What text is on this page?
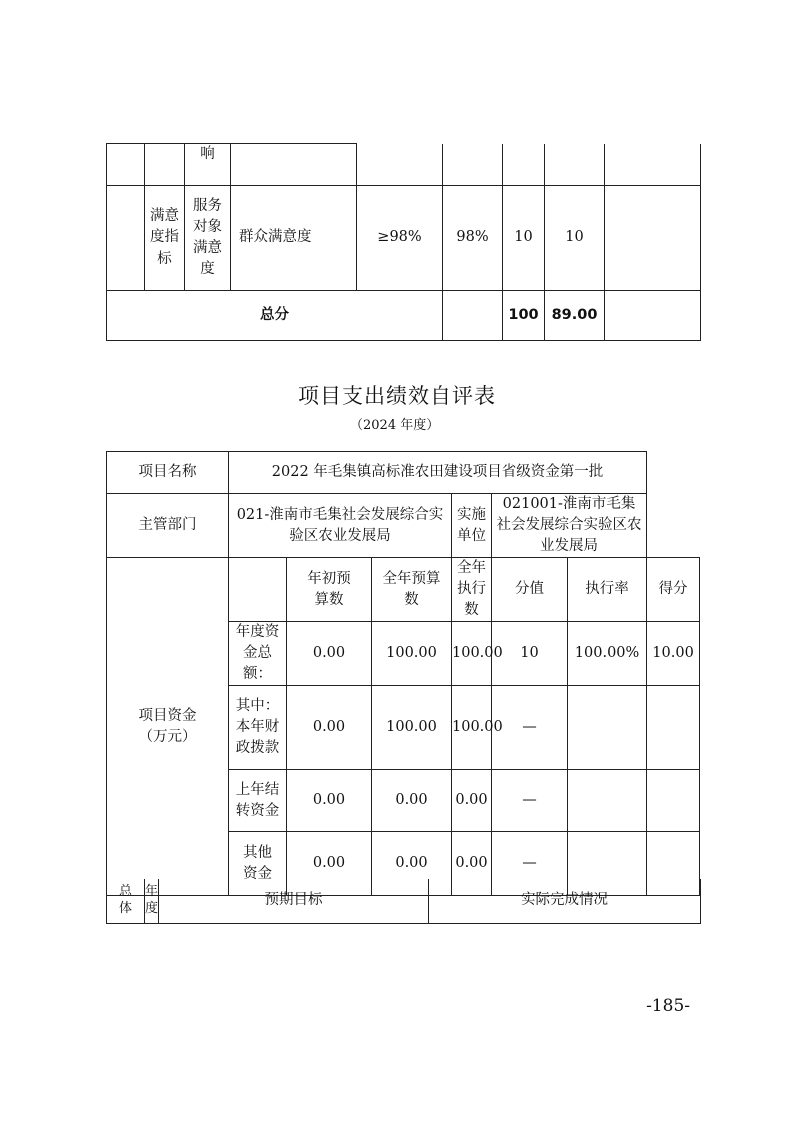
		响						
	满意度指标	服务对象满意度	群众满意度	≥98%	98%	10	10	
总分						100	89.00	
项目支出绩效自评表
（2024 年度）
项目名称	2022 年毛集镇高标准农田建设项目省级资金第一批						
主管部门	021-淮南市毛集社会发展综合实验区农业发展局			实施单位	021001-淮南市毛集社会发展综合实验区农业发展局		
项目资金（万元）		年初预算数	全年预算数	全年执行数	分值	执行率	得分
	年度资金总额：	0.00	100.00	100.00	10	100.00%	10.00
	其中：本年财政拨款	0.00	100.00	100.00	—		
	上年结转资金	0.00	0.00	0.00	—		
	其他资金	0.00	0.00	0.00	—		
总体	年度	预期目标	实际完成情况
-185-
